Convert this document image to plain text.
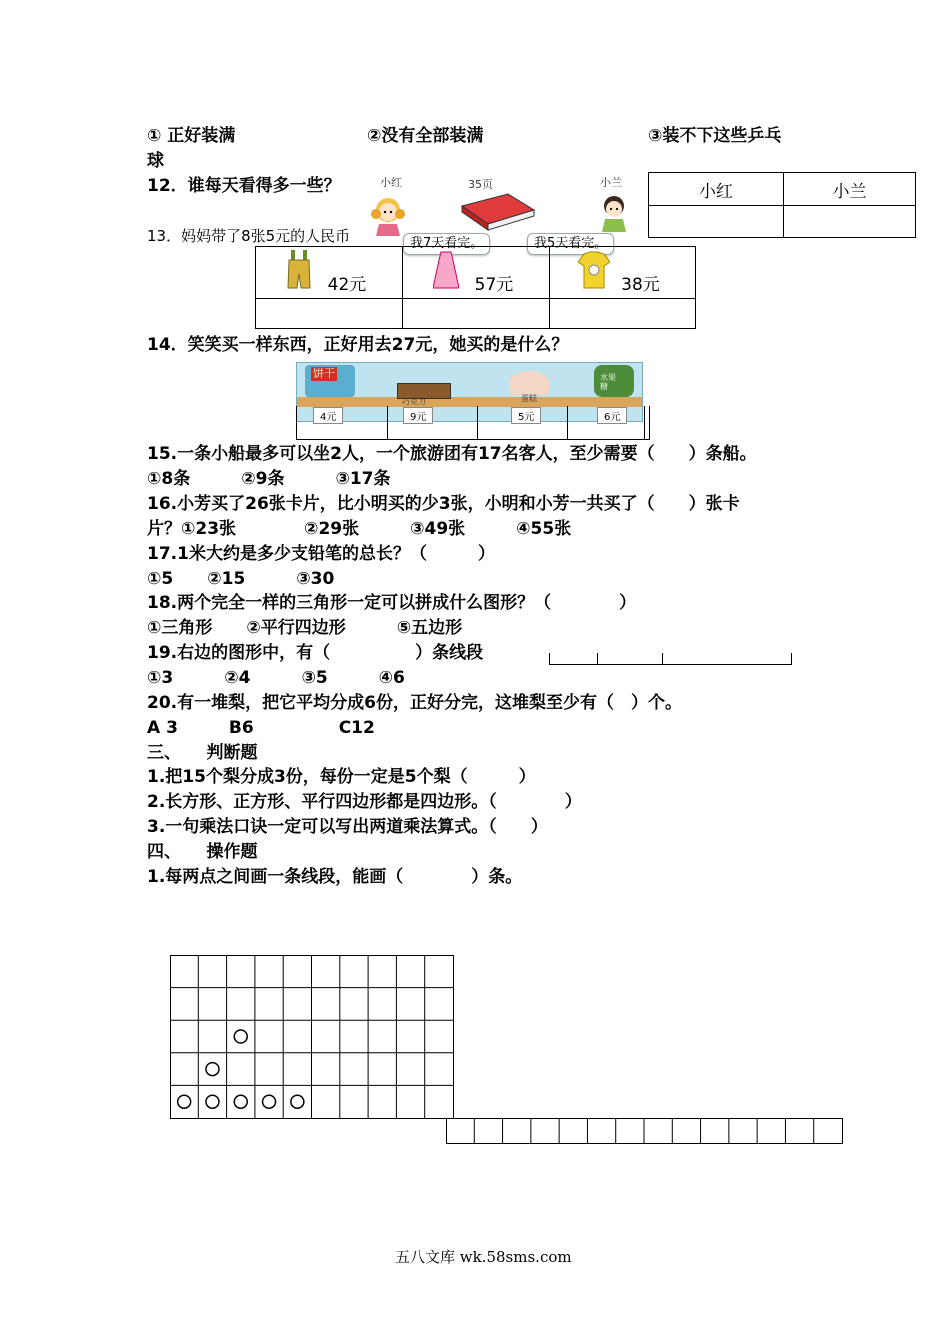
① 正好装满	②没有全部装满	③装不下这些乒乓
球
12．谁每天看得多一些？	小红	小兰
35页
我7天看完。	我5天看完。
小红	小兰

13．妈妈带了8张5元的人民币
42元	57元	38元

14．笑笑买一样东西，正好用去27元，她买的是什么？
饼干
巧克力	蛋糕
水果糖
4元	9元	5元	6元
15.一条小船最多可以坐2人，一个旅游团有17名客人，至少需要（　　）条船。
①8条　　　②9条　　　③17条
16.小芳买了26张卡片，比小明买的少3张，小明和小芳一共买了（　　）张卡
片？①23张　　　　②29张　　　③49张　　　④55张
17.1米大约是多少支铅笔的总长？（　　　）
①5　　②15　　　③30
18.两个完全一样的三角形一定可以拼成什么图形？（　　　　）
①三角形　　②平行四边形　　　⑤五边形
19.右边的图形中，有（　　　　　）条线段
①3　　　②4　　　③5　　　④6
20.有一堆梨，把它平均分成6份，正好分完，这堆梨至少有（　）个。
A 3　　　B6　　　　　C12
三、　　判断题
1.把15个梨分成3份，每份一定是5个梨（　　　）
2.长方形、正方形、平行四边形都是四边形。（　　　　）
3.一句乘法口诀一定可以写出两道乘法算式。（　　）
四、　　操作题
1.每两点之间画一条线段，能画（　　　　）条。
五八文库 wk.58sms.com
